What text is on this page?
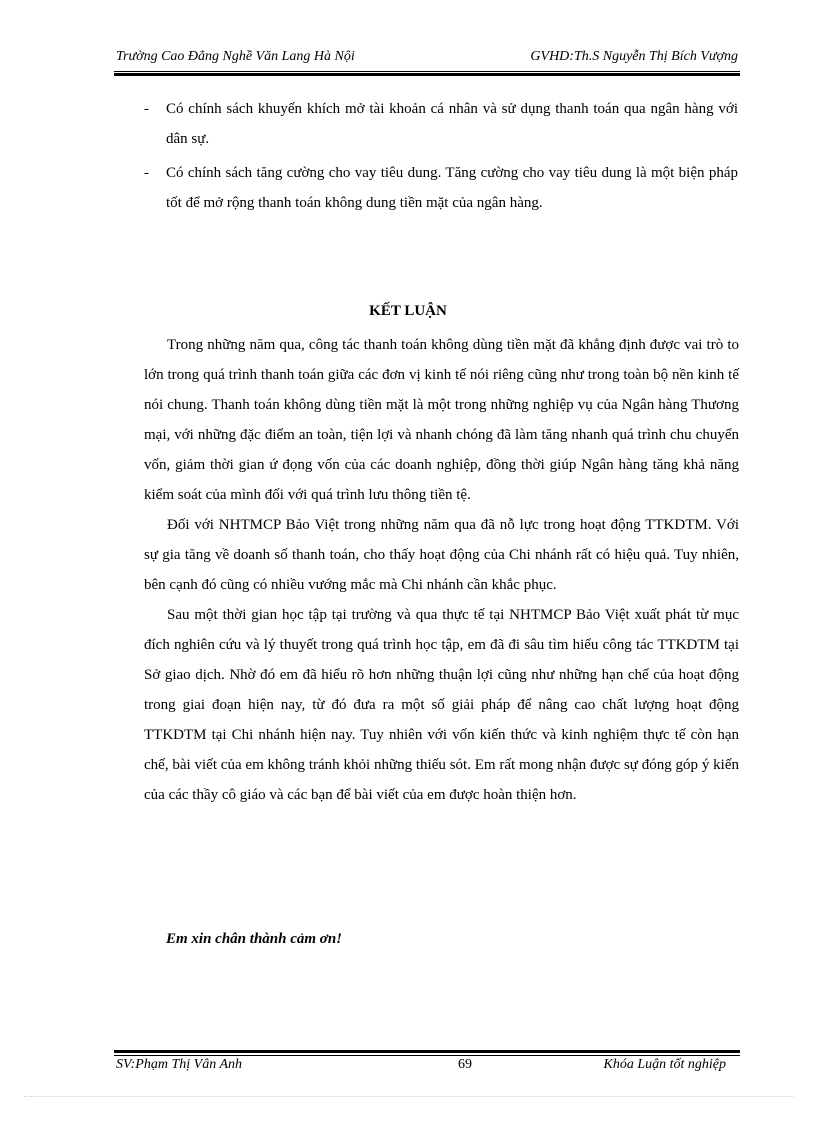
Trường Cao Đẳng Nghề Văn Lang Hà Nội	GVHD:Th.S Nguyễn Thị Bích Vượng
- Có chính sách khuyến khích mở tài khoản cá nhân và sử dụng thanh toán qua ngân hàng với dân sự.
- Có chính sách tăng cường cho vay tiêu dung. Tăng cường cho vay tiêu dung là một biện pháp tốt để mở rộng thanh toán không dung tiền mặt của ngân hàng.
KẾT LUẬN

Trong những năm qua, công tác thanh toán không dùng tiền mặt đã khẳng định được vai trò to lớn trong quá trình thanh toán giữa các đơn vị kinh tế nói riêng cũng như trong toàn bộ nền kinh tế nói chung. Thanh toán không dùng tiền mặt là một trong những nghiệp vụ của Ngân hàng Thương mại, với những đặc điểm an toàn, tiện lợi và nhanh chóng đã làm tăng nhanh quá trình chu chuyển vốn, giảm thời gian ứ đọng vốn của các doanh nghiệp, đồng thời giúp Ngân hàng tăng khả năng kiểm soát của mình đối với quá trình lưu thông tiền tệ.

Đối với NHTMCP Bảo Việt trong những năm qua đã nỗ lực trong hoạt động TTKDTM. Với sự gia tăng về doanh số thanh toán, cho thấy hoạt động của Chi nhánh rất có hiệu quả. Tuy nhiên, bên cạnh đó cũng có nhiều vướng mắc mà Chi nhánh cần khắc phục.

Sau một thời gian học tập tại trường và qua thực tế tại NHTMCP Bảo Việt xuất phát từ mục đích nghiên cứu và lý thuyết trong quá trình học tập, em đã đi sâu tìm hiểu công tác TTKDTM tại Sở giao dịch. Nhờ đó em đã hiểu rõ hơn những thuận lợi cũng như những hạn chế của hoạt động trong giai đoạn hiện nay, từ đó đưa ra một số giải pháp để nâng cao chất lượng hoạt động TTKDTM tại Chi nhánh hiện nay. Tuy nhiên với vốn kiến thức và kinh nghiệm thực tế còn hạn chế, bài viết của em không tránh khỏi những thiếu sót. Em rất mong nhận được sự đóng góp ý kiến của các thầy cô giáo và các bạn để bài viết của em được hoàn thiện hơn.

Em xin chân thành cảm ơn!
SV:Phạm Thị Vân Anh	69	Khóa Luận tốt nghiệp
